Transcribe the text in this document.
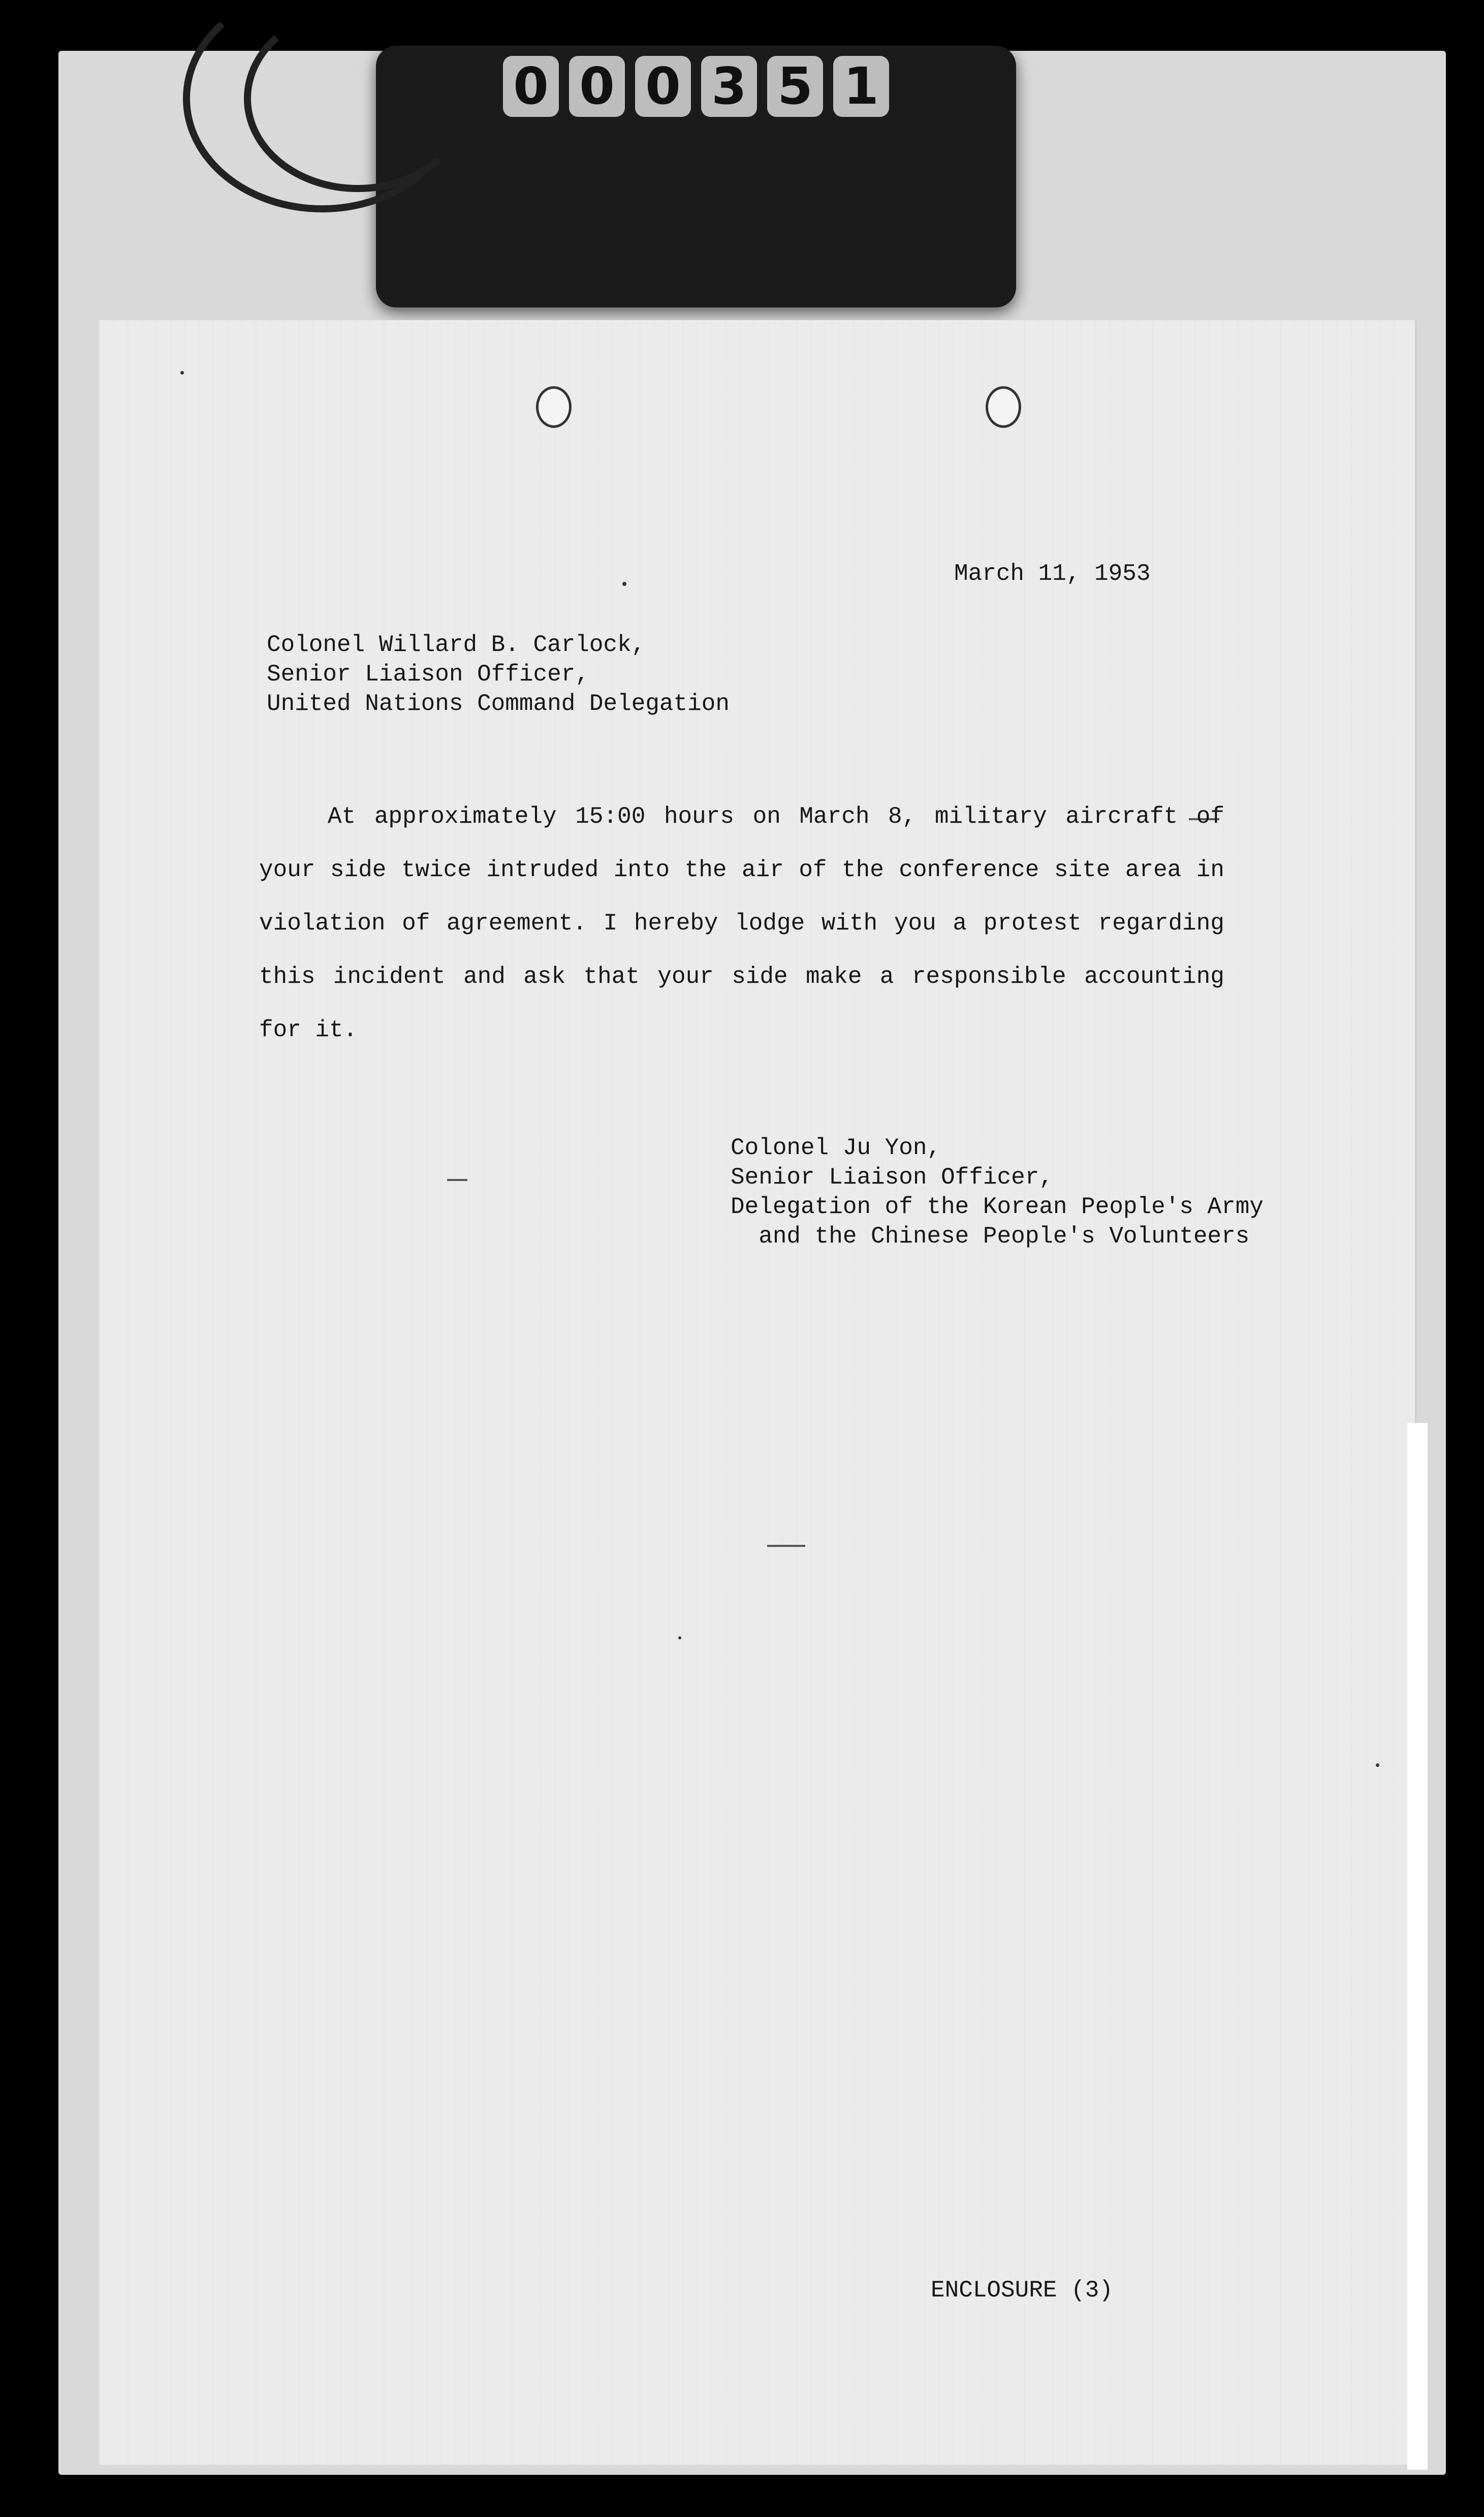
0 0 0 3 5 1

March 11, 1953

Colonel Willard B. Carlock,

Senior Liaison Officer,

United Nations Command Delegation

At approximately 15:00 hours on March 8, military aircraft of your side twice intruded into the air of the conference site area in violation of agreement. I hereby lodge with you a protest regarding this incident and ask that your side make a responsible accounting for it.

Colonel Ju Yon,

Senior Liaison Officer,

Delegation of the Korean People's Army

and the Chinese People's Volunteers

ENCLOSURE (3)
